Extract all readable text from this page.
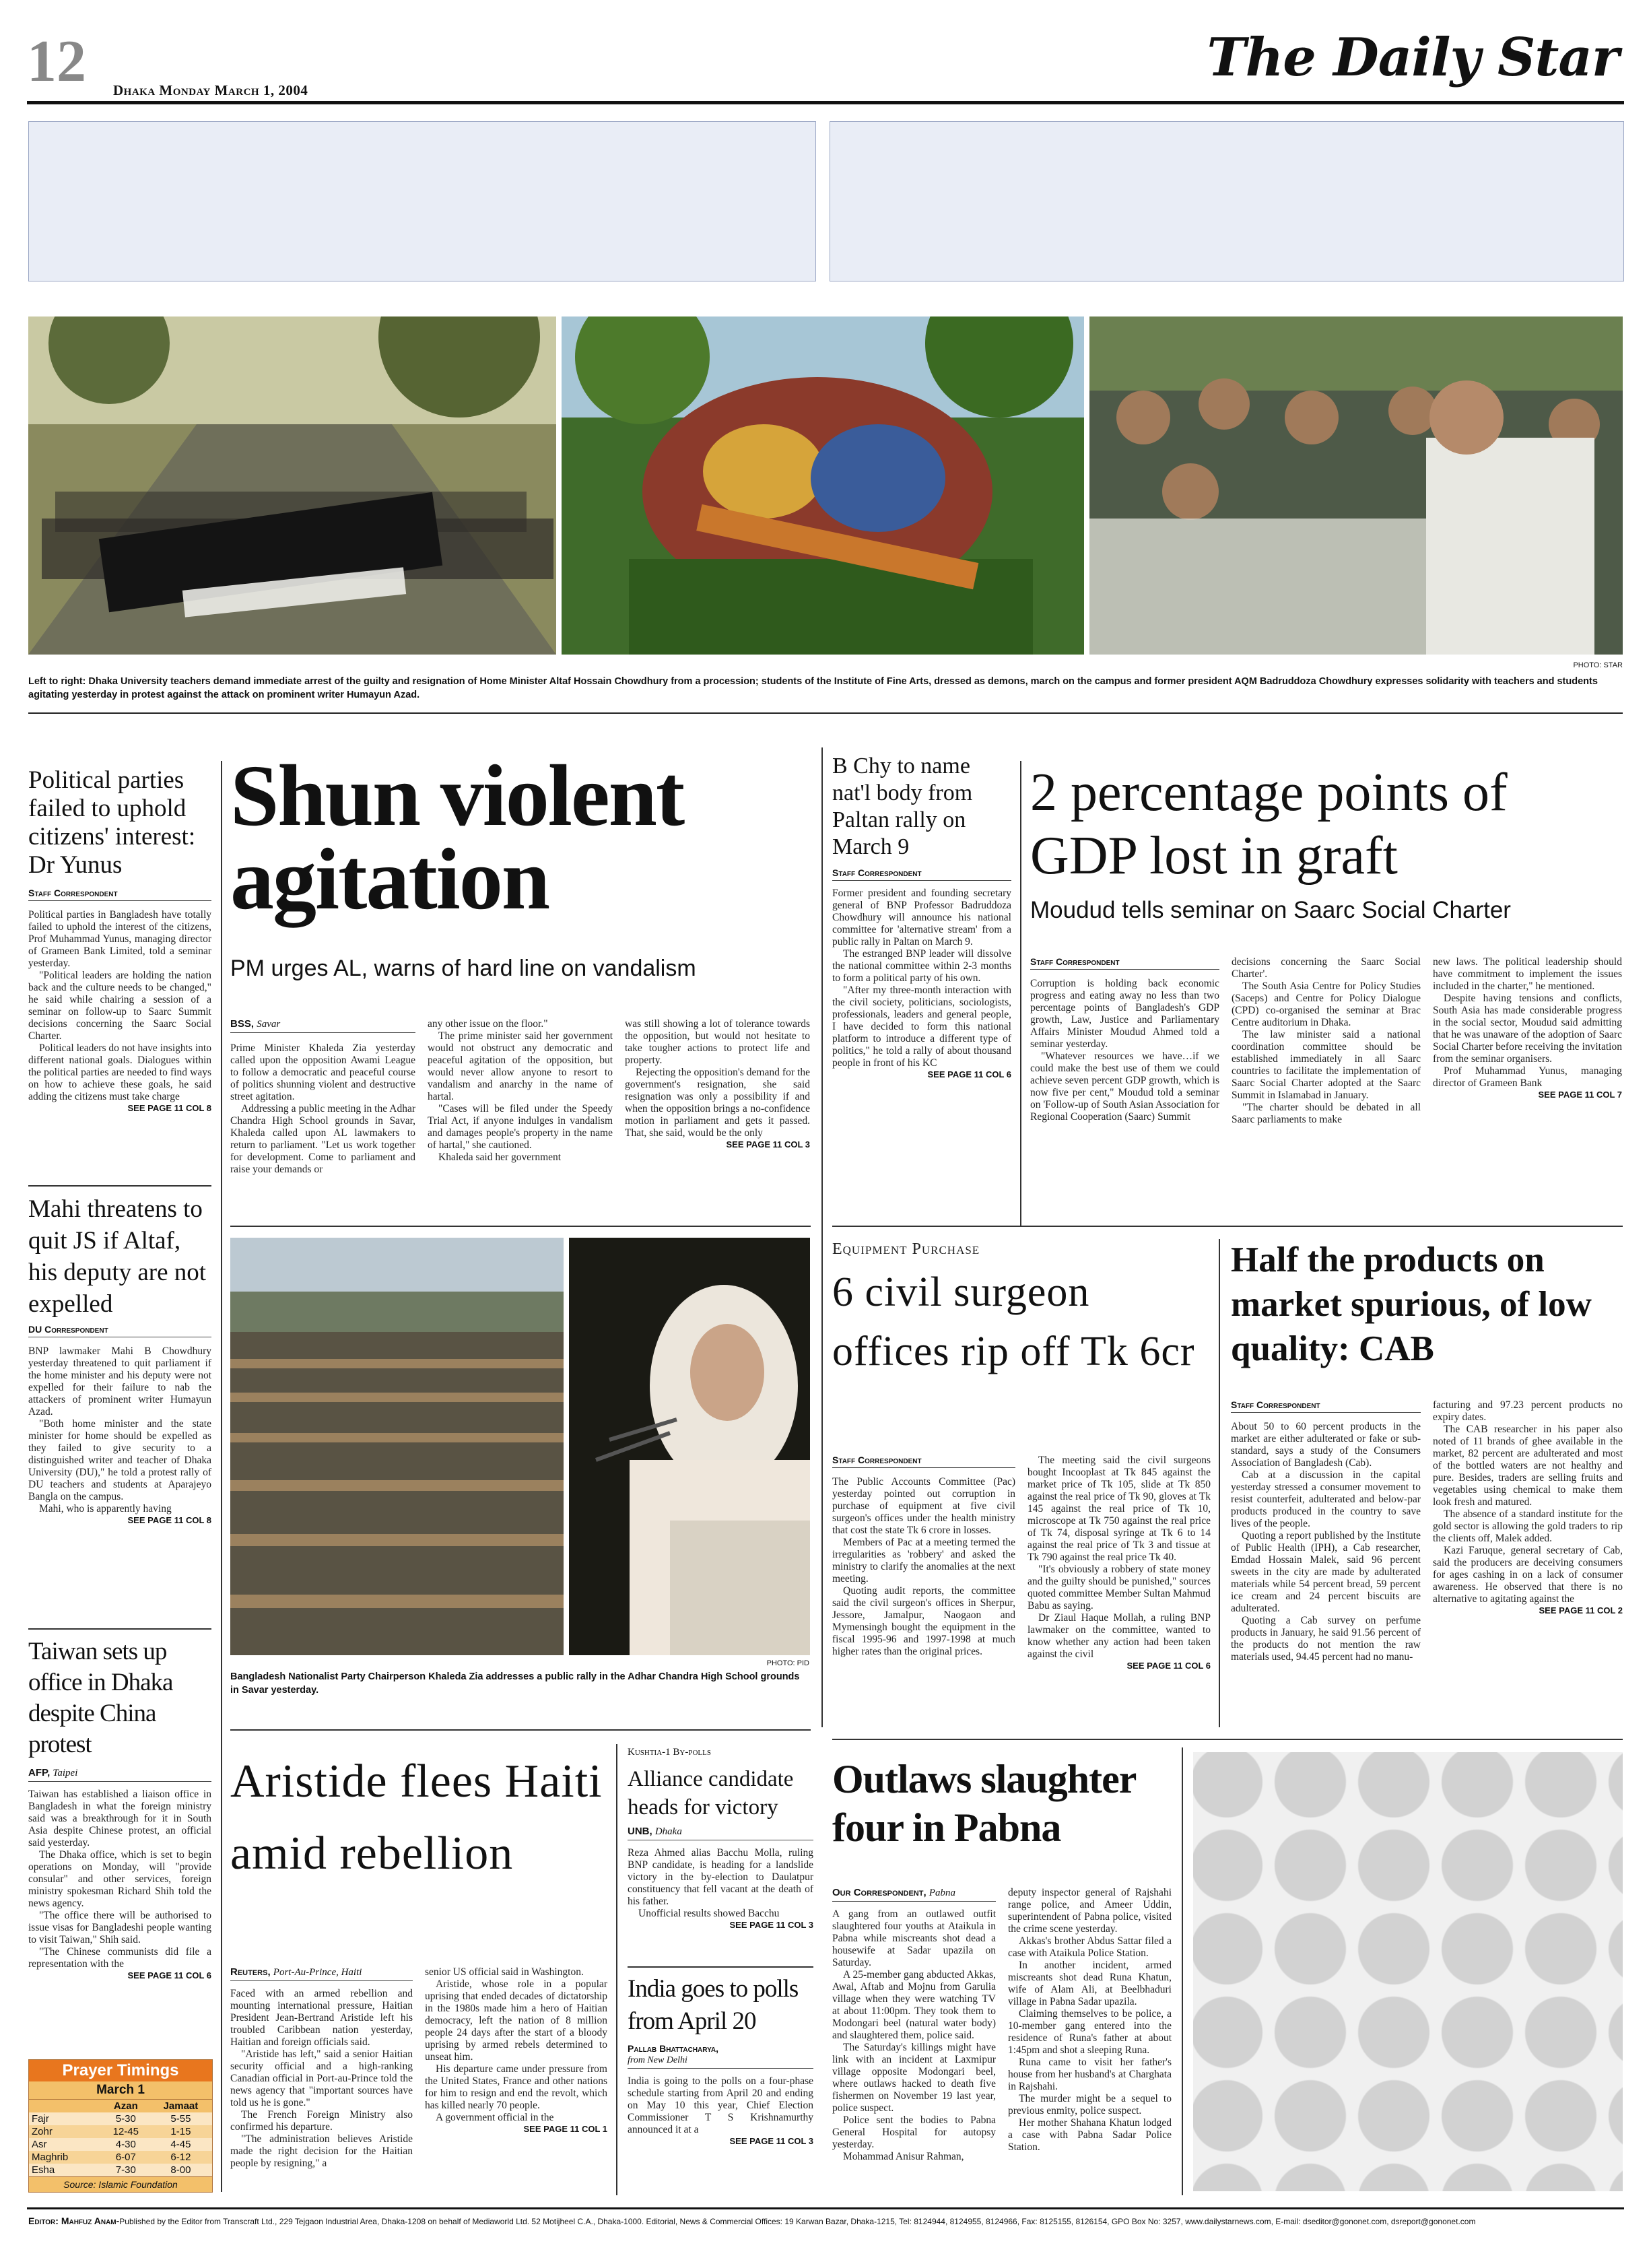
12 Dhaka Monday March 1, 2004
The Daily Star
PHOTO: STAR
Left to right: Dhaka University teachers demand immediate arrest of the guilty and resignation of Home Minister Altaf Hossain Chowdhury from a procession; students of the Institute of Fine Arts, dressed as demons, march on the campus and former president AQM Badruddoza Chowdhury expresses solidarity with teachers and students agitating yesterday in protest against the attack on prominent writer Humayun Azad.
Political parties failed to uphold citizens' interest: Dr Yunus
Staff Correspondent

Political parties in Bangladesh have totally failed to uphold the interest of the citizens, Prof Muhammad Yunus, managing director of Grameen Bank Limited, told a seminar yesterday.

"Political leaders are holding the nation back and the culture needs to be changed," he said while chairing a session of a seminar on follow-up to Saarc Summit decisions concerning the Saarc Social Charter.

Political leaders do not have insights into different national goals. Dialogues within the political parties are needed to find ways on how to achieve these goals, he said adding the citizens must take charge

SEE PAGE 11 COL 8
Shun violent agitation
PM urges AL, warns of hard line on vandalism
BSS, Savar

Prime Minister Khaleda Zia yesterday called upon the opposition Awami League to follow a democratic and peaceful course of politics shunning violent and destructive street agitation.

Addressing a public meeting in the Adhar Chandra High School grounds in Savar, Khaleda called upon AL lawmakers to return to parliament. "Let us work together for development. Come to parliament and raise your demands or

any other issue on the floor."

The prime minister said her government would not obstruct any democratic and peaceful agitation of the opposition, but would never allow anyone to resort to vandalism and anarchy in the name of hartal.

"Cases will be filed under the Speedy Trial Act, if anyone indulges in vandalism and damages people's property in the name of hartal," she cautioned.

Khaleda said her government

was still showing a lot of tolerance towards the opposition, but would not hesitate to take tougher actions to protect life and property.

Rejecting the opposition's demand for the government's resignation, she said resignation was only a possibility if and when the opposition brings a no-confidence motion in parliament and gets it passed. That, she said, would be the only

SEE PAGE 11 COL 3
B Chy to name nat'l body from Paltan rally on March 9
Staff Correspondent

Former president and founding secretary general of BNP Professor Badruddoza Chowdhury will announce his national committee for 'alternative stream' from a public rally in Paltan on March 9.

The estranged BNP leader will dissolve the national committee within 2-3 months to form a political party of his own.

"After my three-month interaction with the civil society, politicians, sociologists, professionals, leaders and general people, I have decided to form this national platform to introduce a different type of politics," he told a rally of about thousand people in front of his KC

SEE PAGE 11 COL 6
2 percentage points of GDP lost in graft
Moudud tells seminar on Saarc Social Charter
Staff Correspondent

Corruption is holding back economic progress and eating away no less than two percentage points of Bangladesh's GDP growth, Law, Justice and Parliamentary Affairs Minister Moudud Ahmed told a seminar yesterday.

"Whatever resources we have…if we could make the best use of them we could achieve seven percent GDP growth, which is now five per cent," Moudud told a seminar on 'Follow-up of South Asian Association for Regional Cooperation (Saarc) Summit

decisions concerning the Saarc Social Charter'.

The South Asia Centre for Policy Studies (Saceps) and Centre for Policy Dialogue (CPD) co-organised the seminar at Brac Centre auditorium in Dhaka.

The law minister said a national coordination committee should be established immediately in all Saarc countries to facilitate the implementation of Saarc Social Charter adopted at the Saarc Summit in Islamabad in January.

"The charter should be debated in all Saarc parliaments to make

new laws. The political leadership should have commitment to implement the issues included in the charter," he mentioned.

Despite having tensions and conflicts, South Asia has made considerable progress in the social sector, Moudud said admitting that he was unaware of the adoption of Saarc Social Charter before receiving the invitation from the seminar organisers.

Prof Muhammad Yunus, managing director of Grameen Bank

SEE PAGE 11 COL 7
Mahi threatens to quit JS if Altaf, his deputy are not expelled
DU Correspondent

BNP lawmaker Mahi B Chowdhury yesterday threatened to quit parliament if the home minister and his deputy were not expelled for their failure to nab the attackers of prominent writer Humayun Azad.

"Both home minister and the state minister for home should be expelled as they failed to give security to a distinguished writer and teacher of Dhaka University (DU)," he told a protest rally of DU teachers and students at Aparajeyo Bangla on the campus.

Mahi, who is apparently having

SEE PAGE 11 COL 8
PHOTO: PID
Bangladesh Nationalist Party Chairperson Khaleda Zia addresses a public rally in the Adhar Chandra High School grounds in Savar yesterday.
Equipment Purchase
6 civil surgeon offices rip off Tk 6cr
Staff Correspondent

The Public Accounts Committee (Pac) yesterday pointed out corruption in purchase of equipment at five civil surgeon's offices under the health ministry that cost the state Tk 6 crore in losses.

Members of Pac at a meeting termed the irregularities as 'robbery' and asked the ministry to clarify the anomalies at the next meeting.

Quoting audit reports, the committee said the civil surgeon's offices in Sherpur, Jessore, Jamalpur, Naogaon and Mymensingh bought the equipment in the fiscal 1995-96 and 1997-1998 at much higher rates than the original prices.

The meeting said the civil surgeons bought Incooplast at Tk 845 against the market price of Tk 105, slide at Tk 850 against the real price of Tk 90, gloves at Tk 145 against the real price of Tk 10, microscope at Tk 750 against the real price of Tk 74, disposal syringe at Tk 6 to 14 against the real price of Tk 3 and tissue at Tk 790 against the real price Tk 40.

"It's obviously a robbery of state money and the guilty should be punished," sources quoted committee Member Sultan Mahmud Babu as saying.

Dr Ziaul Haque Mollah, a ruling BNP lawmaker on the committee, wanted to know whether any action had been taken against the civil

SEE PAGE 11 COL 6
Half the products on market spurious, of low quality: CAB
Staff Correspondent

About 50 to 60 percent products in the market are either adulterated or fake or sub-standard, says a study of the Consumers Association of Bangladesh (Cab).

Cab at a discussion in the capital yesterday stressed a consumer movement to resist counterfeit, adulterated and below-par products produced in the country to save lives of the people.

Quoting a report published by the Institute of Public Health (IPH), a Cab researcher, Emdad Hossain Malek, said 96 percent sweets in the city are made by adulterated materials while 54 percent bread, 59 percent ice cream and 24 percent biscuits are adulterated.

Quoting a Cab survey on perfume products in January, he said 91.56 percent of the products do not mention the raw materials used, 94.45 percent had no manu-

facturing and 97.23 percent products no expiry dates.

The CAB researcher in his paper also noted of 11 brands of ghee available in the market, 82 percent are adulterated and most of the bottled waters are not healthy and pure. Besides, traders are selling fruits and vegetables using chemical to make them look fresh and matured.

The absence of a standard institute for the gold sector is allowing the gold traders to rip the clients off, Malek added.

Kazi Faruque, general secretary of Cab, said the producers are deceiving consumers for ages cashing in on a lack of consumer awareness. He observed that there is no alternative to agitating against the

SEE PAGE 11 COL 2
Taiwan sets up office in Dhaka despite China protest
AFP, Taipei

Taiwan has established a liaison office in Bangladesh in what the foreign ministry said was a breakthrough for it in South Asia despite Chinese protest, an official said yesterday.

The Dhaka office, which is set to begin operations on Monday, will "provide consular" and other services, foreign ministry spokesman Richard Shih told the news agency.

"The office there will be authorised to issue visas for Bangladeshi people wanting to visit Taiwan," Shih said.

"The Chinese communists did file a representation with the

SEE PAGE 11 COL 6
Prayer Timings
March 1
	Azan	Jamaat
Fajr	5-30	5-55
Zohr	12-45	1-15
Asr	4-30	4-45
Maghrib	6-07	6-12
Esha	7-30	8-00
Source: Islamic Foundation
Aristide flees Haiti amid rebellion
Reuters, Port-Au-Prince, Haiti

Faced with an armed rebellion and mounting international pressure, Haitian President Jean-Bertrand Aristide left his troubled Caribbean nation yesterday, Haitian and foreign officials said.

"Aristide has left," said a senior Haitian security official and a high-ranking Canadian official in Port-au-Prince told the news agency that "important sources have told us he is gone."

The French Foreign Ministry also confirmed his departure.

"The administration believes Aristide made the right decision for the Haitian people by resigning," a

senior US official said in Washington.

Aristide, whose role in a popular uprising that ended decades of dictatorship in the 1980s made him a hero of Haitian democracy, left the nation of 8 million people 24 days after the start of a bloody uprising by armed rebels determined to unseat him.

His departure came under pressure from the United States, France and other nations for him to resign and end the revolt, which has killed nearly 70 people.

A government official in the

SEE PAGE 11 COL 1
Kushtia-1 By-polls
Alliance candidate heads for victory
UNB, Dhaka

Reza Ahmed alias Bacchu Molla, ruling BNP candidate, is heading for a landslide victory in the by-election to Daulatpur constituency that fell vacant at the death of his father.

Unofficial results showed Bacchu

SEE PAGE 11 COL 3
India goes to polls from April 20
Pallab Bhattacharya,
from New Delhi

India is going to the polls on a four-phase schedule starting from April 20 and ending on May 10 this year, Chief Election Commissioner T S Krishnamurthy announced it at a

SEE PAGE 11 COL 3
Outlaws slaughter four in Pabna
Our Correspondent, Pabna

A gang from an outlawed outfit slaughtered four youths at Ataikula in Pabna while miscreants shot dead a housewife at Sadar upazila on Saturday.

A 25-member gang abducted Akkas, Awal, Aftab and Mojnu from Garulia village when they were watching TV at about 11:00pm. They took them to Modongari beel (natural water body) and slaughtered them, police said.

The Saturday's killings might have link with an incident at Laxmipur village opposite Modongari beel, where outlaws hacked to death five fishermen on November 19 last year, police suspect.

Police sent the bodies to Pabna General Hospital for autopsy yesterday.

Mohammad Anisur Rahman,

deputy inspector general of Rajshahi range police, and Ameer Uddin, superintendent of Pabna police, visited the crime scene yesterday.

Akkas's brother Abdus Sattar filed a case with Ataikula Police Station.

In another incident, armed miscreants shot dead Runa Khatun, wife of Alam Ali, at Beelbhaduri village in Pabna Sadar upazila.

Claiming themselves to be police, a 10-member gang entered into the residence of Runa's father at about 1:45pm and shot a sleeping Runa.

Runa came to visit her father's house from her husband's at Charghata in Rajshahi.

The murder might be a sequel to previous enmity, police suspect.

Her mother Shahana Khatun lodged a case with Pabna Sadar Police Station.

Editor: Mahfuz Anam-Published by the Editor from Transcraft Ltd., 229 Tejgaon Industrial Area, Dhaka-1208 on behalf of Mediaworld Ltd. 52 Motijheel C.A., Dhaka-1000. Editorial, News & Commercial Offices: 19 Karwan Bazar, Dhaka-1215, Tel: 8124944, 8124955, 8124966, Fax: 8125155, 8126154, GPO Box No: 3257, www.dailystarnews.com, E-mail: dseditor@gononet.com, dsreport@gononet.com
